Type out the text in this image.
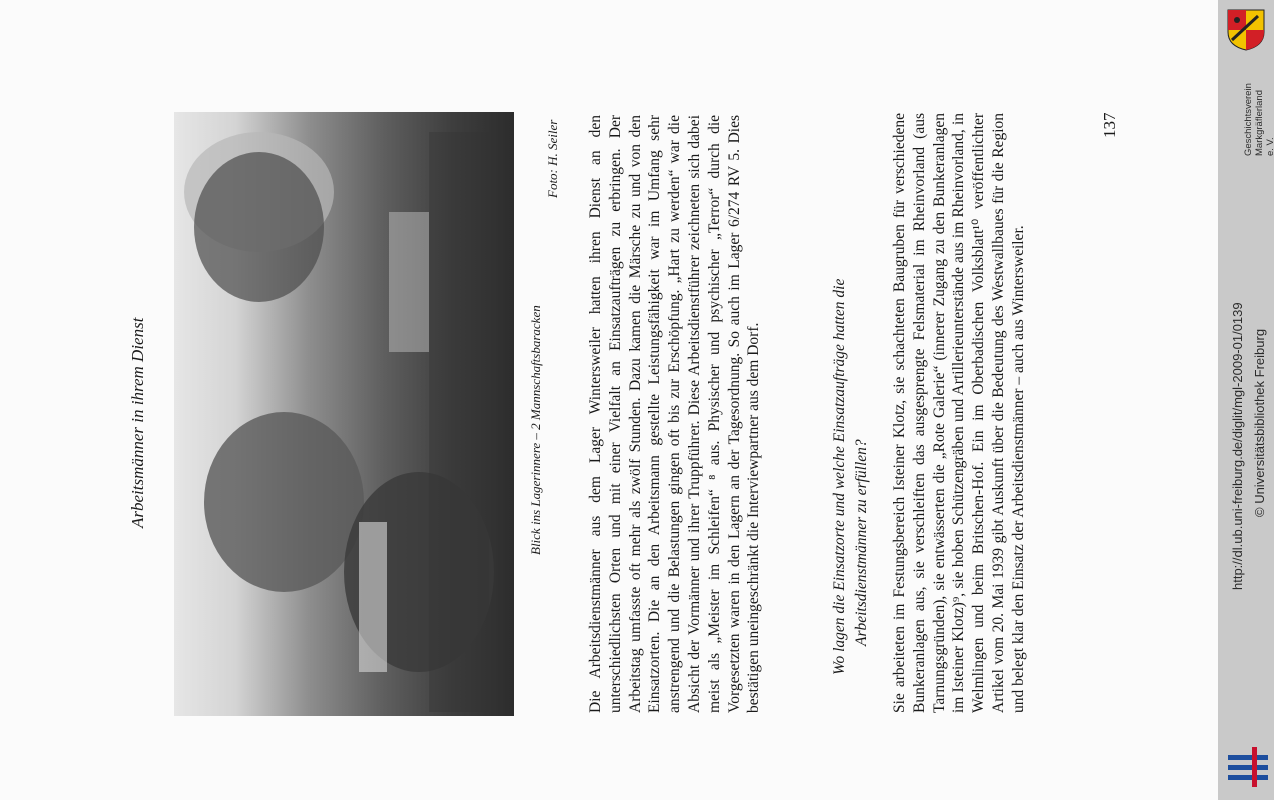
Arbeitsmänner in ihrem Dienst	Blick ins Lagerinnere – 2 Mannschaftsbaracken
Foto: H. Seiler Die Arbeitsdienstmänner aus dem Lager Wintersweiler hatten ihren Dienst an den unterschiedlichsten Orten und mit einer Vielfalt an Einsatzaufträgen zu erbringen. Der Arbeitstag umfasste oft mehr als zwölf Stunden. Dazu kamen die Märsche zu und von den Einsatzorten. Die an den Arbeitsmann gestellte Leistungsfähigkeit war im Umfang sehr anstrengend und die Belastungen gingen oft bis zur Erschöpfung. „Hart zu werden“ war die Absicht der Vormänner und ihrer Truppführer. Diese Arbeitsdienstführer zeichneten sich dabei meist als „Meister im Schleifen“ ⁸ aus. Physischer und psychischer „Terror“ durch die Vorgesetzten waren in den Lagern an der Tagesordnung. So auch im Lager 6/274 RV 5. Dies bestätigen uneingeschränkt die Interviewpartner aus dem Dorf.	Wo lagen die Einsatzorte und welche Einsatzaufträge hatten die Arbeitsdienstmänner zu erfüllen? Sie arbeiteten im Festungsbereich Isteiner Klotz, sie schachteten Baugruben für verschiedene Bunkeranlagen aus, sie verschleiften das ausgesprengte Felsmaterial im Rheinvorland (aus Tarnungsgründen), sie entwässerten die „Rote Galerie“ (innerer Zugang zu den Bunkeranlagen im Isteiner Klotz)⁹, sie hoben Schützengräben und Artillerieunterstände aus im Rheinvorland, in Welmlingen und beim Britschen-Hof. Ein im Oberbadischen Volksblatt¹⁰ veröffentlichter Artikel vom 20. Mai 1939 gibt Auskunft über die Bedeutung des Westwallbaues für die Region und belegt klar den Einsatz der Arbeitsdienstmänner – auch aus Wintersweiler.
137
http://dl.ub.uni-freiburg.de/diglit/mgl-2009-01/0139 © Universitätsbibliothek Freiburg
Geschichtsverein Markgräflerland e. V.
